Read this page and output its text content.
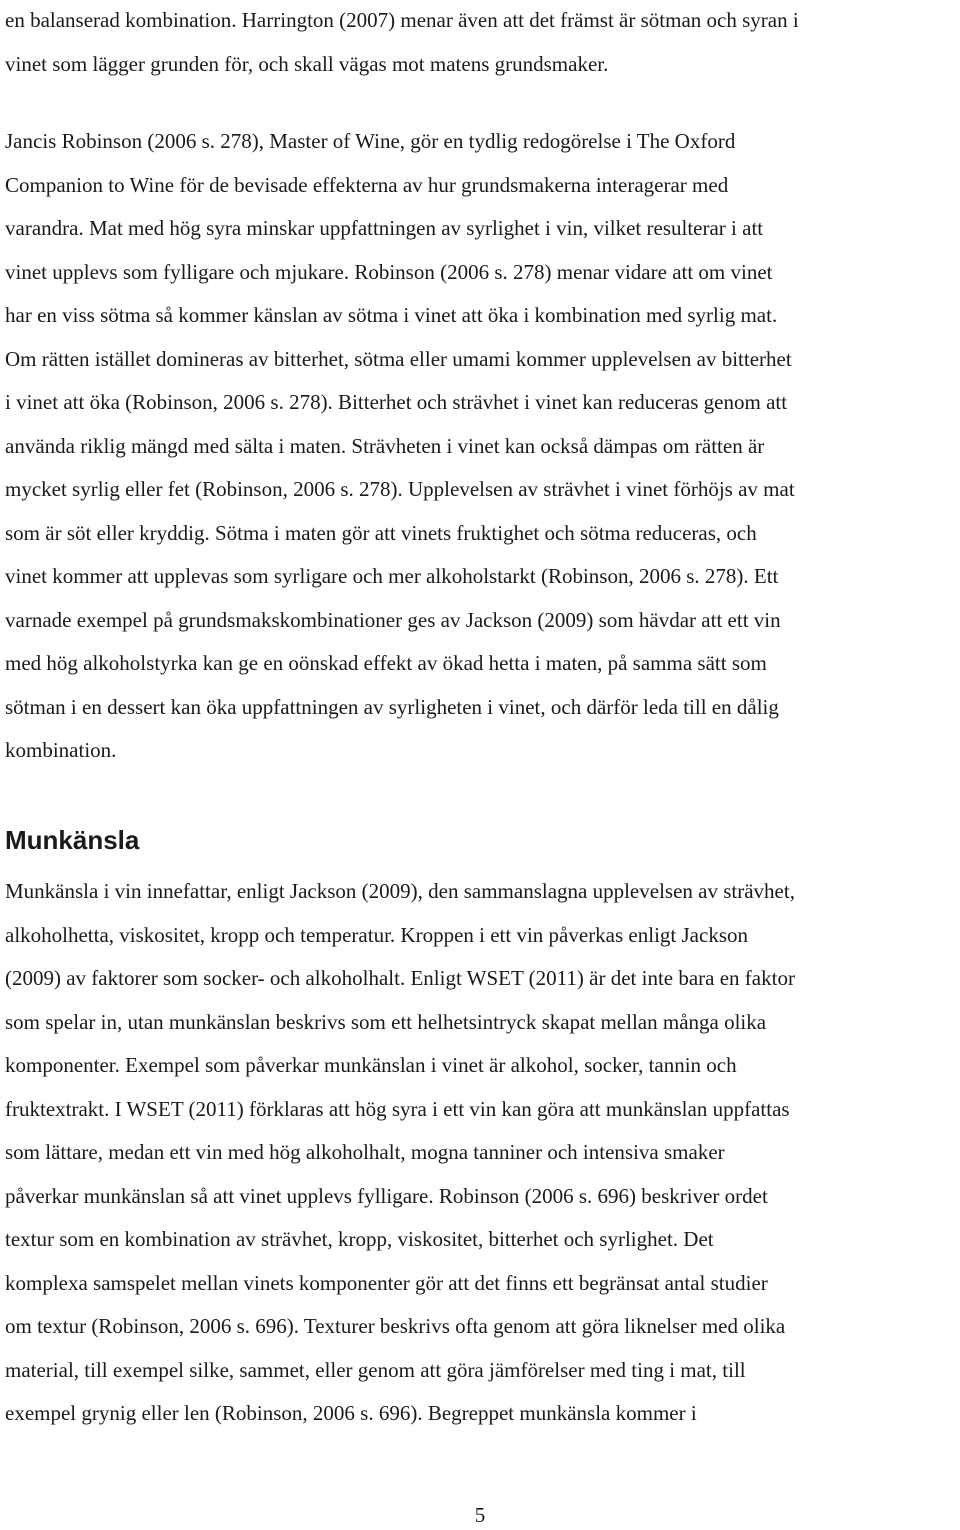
en balanserad kombination. Harrington (2007) menar även att det främst är sötman och syran i
vinet som lägger grunden för, och skall vägas mot matens grundsmaker.

Jancis Robinson (2006 s. 278), Master of Wine, gör en tydlig redogörelse i The Oxford
Companion to Wine för de bevisade effekterna av hur grundsmakerna interagerar med
varandra. Mat med hög syra minskar uppfattningen av syrlighet i vin, vilket resulterar i att
vinet upplevs som fylligare och mjukare. Robinson (2006 s. 278) menar vidare att om vinet
har en viss sötma så kommer känslan av sötma i vinet att öka i kombination med syrlig mat.
Om rätten istället domineras av bitterhet, sötma eller umami kommer upplevelsen av bitterhet
i vinet att öka (Robinson, 2006 s. 278). Bitterhet och strävhet i vinet kan reduceras genom att
använda riklig mängd med sälta i maten. Strävheten i vinet kan också dämpas om rätten är
mycket syrlig eller fet (Robinson, 2006 s. 278). Upplevelsen av strävhet i vinet förhöjs av mat
som är söt eller kryddig. Sötma i maten gör att vinets fruktighet och sötma reduceras, och
vinet kommer att upplevas som syrligare och mer alkoholstarkt (Robinson, 2006 s. 278). Ett
varnade exempel på grundsmakskombinationer ges av Jackson (2009) som hävdar att ett vin
med hög alkoholstyrka kan ge en oönskad effekt av ökad hetta i maten, på samma sätt som
sötman i en dessert kan öka uppfattningen av syrligheten i vinet, och därför leda till en dålig
kombination.

Munkänsla

Munkänsla i vin innefattar, enligt Jackson (2009), den sammanslagna upplevelsen av strävhet,
alkoholhetta, viskositet, kropp och temperatur. Kroppen i ett vin påverkas enligt Jackson
(2009) av faktorer som socker- och alkoholhalt. Enligt WSET (2011) är det inte bara en faktor
som spelar in, utan munkänslan beskrivs som ett helhetsintryck skapat mellan många olika
komponenter. Exempel som påverkar munkänslan i vinet är alkohol, socker, tannin och
fruktextrakt. I WSET (2011) förklaras att hög syra i ett vin kan göra att munkänslan uppfattas
som lättare, medan ett vin med hög alkoholhalt, mogna tanniner och intensiva smaker
påverkar munkänslan så att vinet upplevs fylligare. Robinson (2006 s. 696) beskriver ordet
textur som en kombination av strävhet, kropp, viskositet, bitterhet och syrlighet. Det
komplexa samspelet mellan vinets komponenter gör att det finns ett begränsat antal studier
om textur (Robinson, 2006 s. 696). Texturer beskrivs ofta genom att göra liknelser med olika
material, till exempel silke, sammet, eller genom att göra jämförelser med ting i mat, till
exempel grynig eller len (Robinson, 2006 s. 696). Begreppet munkänsla kommer i

5
